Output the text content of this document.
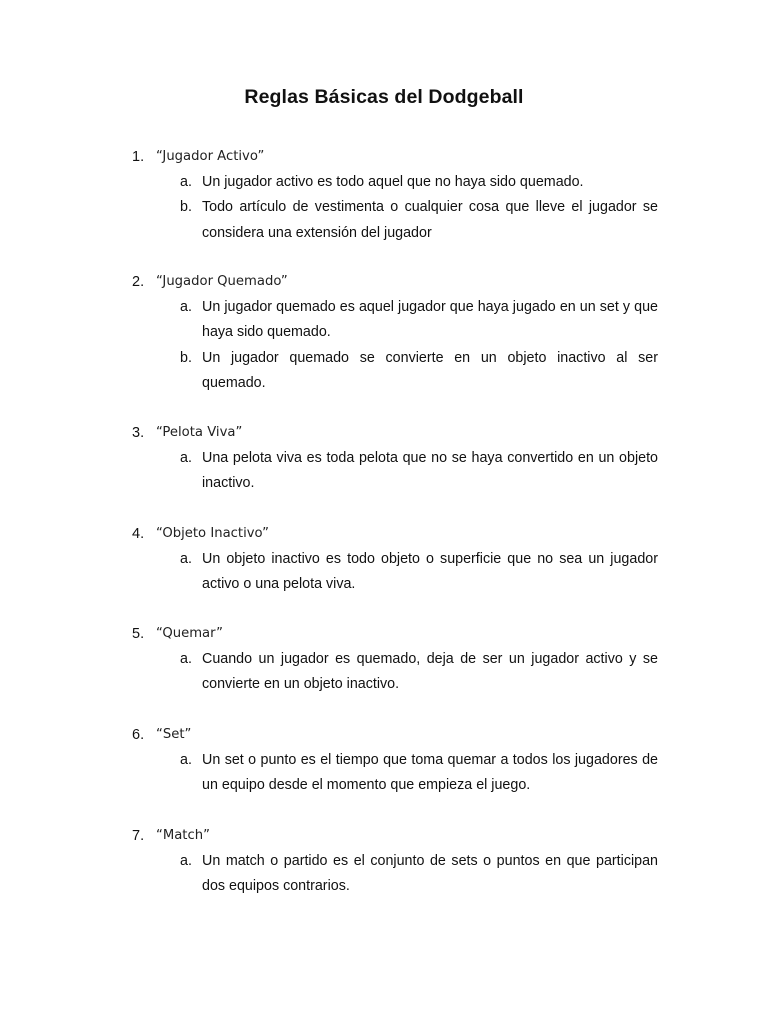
Reglas Básicas del Dodgeball
1. “Jugador Activo”
a. Un jugador activo es todo aquel que no haya sido quemado.
b. Todo artículo de vestimenta o cualquier cosa que lleve el jugador se considera una extensión del jugador
2. “Jugador Quemado”
a. Un jugador quemado es aquel jugador que haya jugado en un set y que haya sido quemado.
b. Un jugador quemado se convierte en un objeto inactivo al ser quemado.
3. “Pelota Viva”
a. Una pelota viva es toda pelota que no se haya convertido en un objeto inactivo.
4. “Objeto Inactivo”
a. Un objeto inactivo es todo objeto o superficie que no sea un jugador activo o una pelota viva.
5. “Quemar”
a. Cuando un jugador es quemado, deja de ser un jugador activo y se convierte en un objeto inactivo.
6. “Set”
a. Un set o punto es el tiempo que toma quemar a todos los jugadores de un equipo desde el momento que empieza el juego.
7. “Match”
a. Un match o partido es el conjunto de sets o puntos en que participan dos equipos contrarios.
